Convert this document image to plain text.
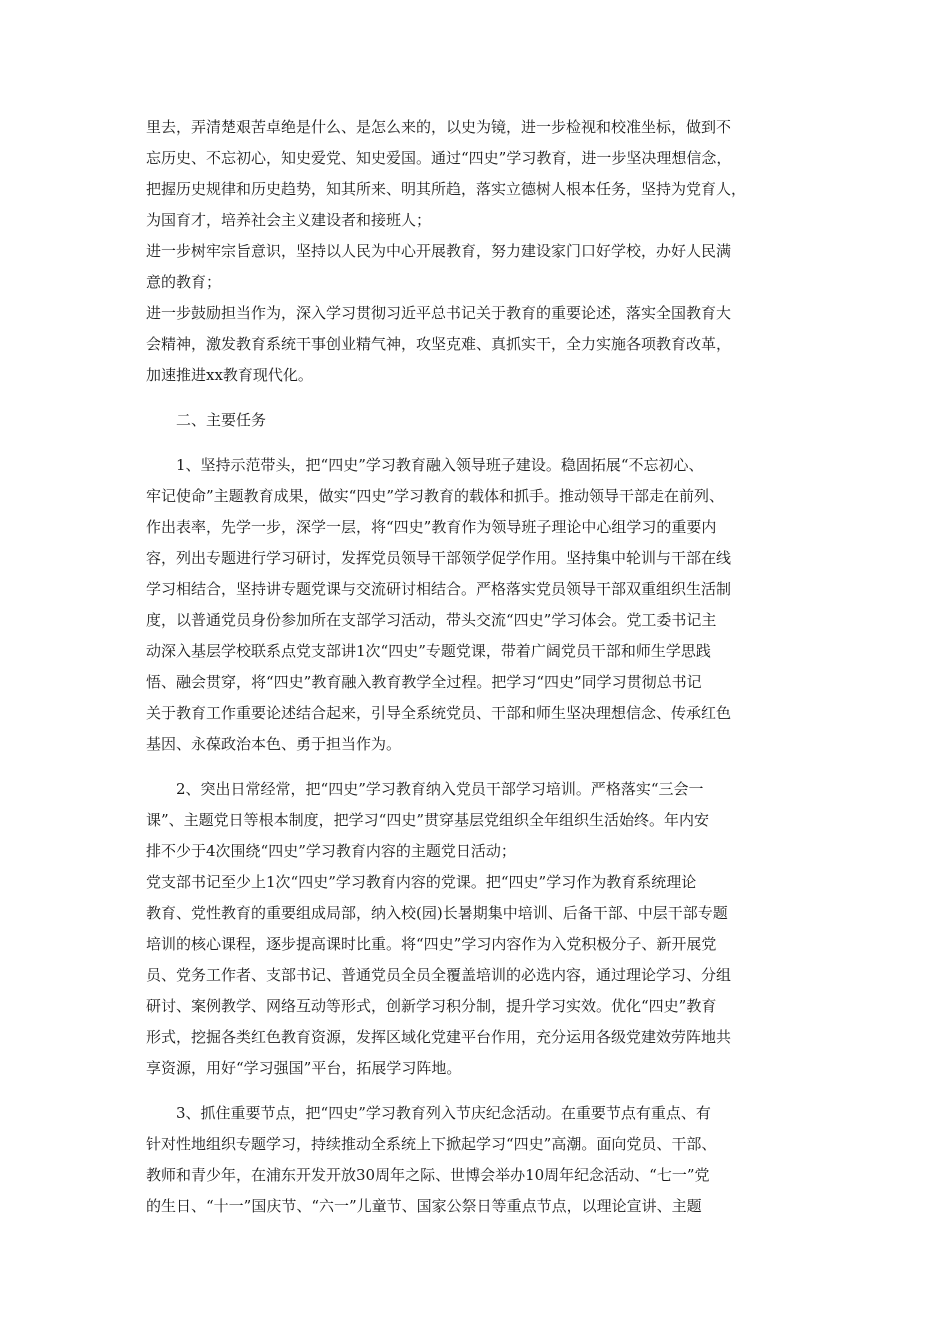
里去，弄清楚艰苦卓绝是什么、是怎么来的，以史为镜，进一步检视和校准坐标，做到不
忘历史、不忘初心，知史爱党、知史爱国。通过“四史”学习教育，进一步坚决理想信念，
把握历史规律和历史趋势，知其所来、明其所趋，落实立德树人根本任务，坚持为党育人，
为国育才，培养社会主义建设者和接班人；
进一步树牢宗旨意识，坚持以人民为中心开展教育，努力建设家门口好学校，办好人民满
意的教育；
进一步鼓励担当作为，深入学习贯彻习近平总书记关于教育的重要论述，落实全国教育大
会精神，激发教育系统干事创业精气神，攻坚克难、真抓实干，全力实施各项教育改革，
加速推进xx教育现代化。
二、主要任务
1、坚持示范带头，把“四史”学习教育融入领导班子建设。稳固拓展“不忘初心、
牢记使命”主题教育成果，做实“四史”学习教育的载体和抓手。推动领导干部走在前列、
作出表率，先学一步，深学一层，将“四史”教育作为领导班子理论中心组学习的重要内
容，列出专题进行学习研讨，发挥党员领导干部领学促学作用。坚持集中轮训与干部在线
学习相结合，坚持讲专题党课与交流研讨相结合。严格落实党员领导干部双重组织生活制
度，以普通党员身份参加所在支部学习活动，带头交流“四史”学习体会。党工委书记主
动深入基层学校联系点党支部讲1次“四史”专题党课，带着广阔党员干部和师生学思践
悟、融会贯穿，将“四史”教育融入教育教学全过程。把学习“四史”同学习贯彻总书记
关于教育工作重要论述结合起来，引导全系统党员、干部和师生坚决理想信念、传承红色
基因、永葆政治本色、勇于担当作为。
2、突出日常经常，把“四史”学习教育纳入党员干部学习培训。严格落实“三会一
课”、主题党日等根本制度，把学习“四史”贯穿基层党组织全年组织生活始终。年内安
排不少于4次围绕“四史”学习教育内容的主题党日活动；
党支部书记至少上1次“四史”学习教育内容的党课。把“四史”学习作为教育系统理论
教育、党性教育的重要组成局部，纳入校(园)长暑期集中培训、后备干部、中层干部专题
培训的核心课程，逐步提高课时比重。将“四史”学习内容作为入党积极分子、新开展党
员、党务工作者、支部书记、普通党员全员全覆盖培训的必选内容，通过理论学习、分组
研讨、案例教学、网络互动等形式，创新学习积分制，提升学习实效。优化“四史”教育
形式，挖掘各类红色教育资源，发挥区域化党建平台作用，充分运用各级党建效劳阵地共
享资源，用好“学习强国”平台，拓展学习阵地。
3、抓住重要节点，把“四史”学习教育列入节庆纪念活动。在重要节点有重点、有
针对性地组织专题学习，持续推动全系统上下掀起学习“四史”高潮。面向党员、干部、
教师和青少年，在浦东开发开放30周年之际、世博会举办10周年纪念活动、“七一”党
的生日、“十一”国庆节、“六一”儿童节、国家公祭日等重点节点，以理论宣讲、主题
